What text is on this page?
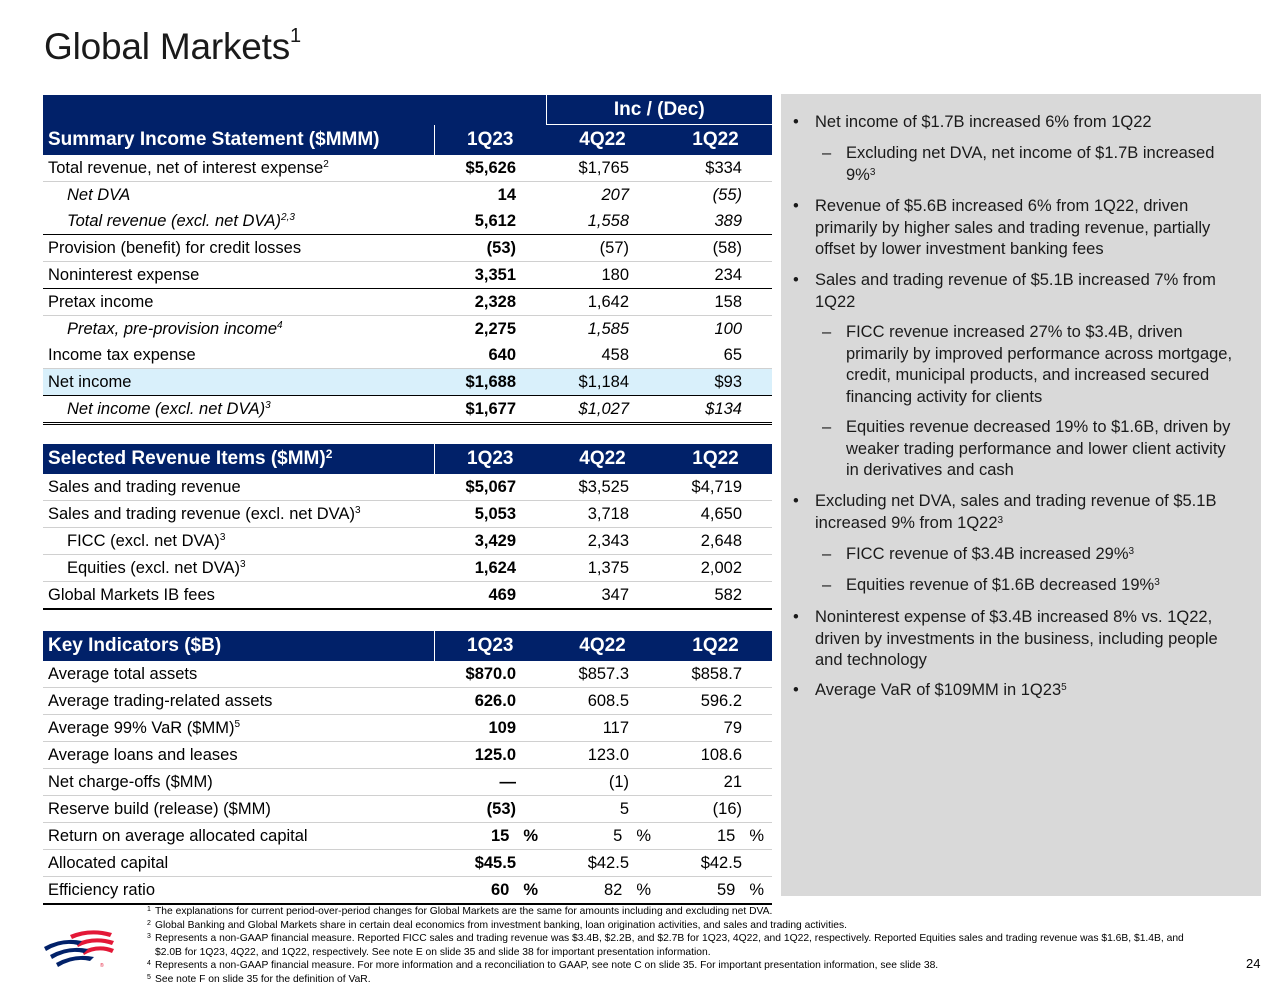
Global Markets$^1$
		Inc / (Dec)	
Summary Income Statement ($MMM)	1Q23	4Q22	1Q22
Total revenue, net of interest expense$^2$	$5,626	$1,765	$334
Net DVA	14	207	(55)
Total revenue (excl. net DVA)$^{2,3}$	5,612	1,558	389
Provision (benefit) for credit losses	(53)	(57)	(58)
Noninterest expense	3,351	180	234
Pretax income	2,328	1,642	158
Pretax, pre-provision income$^4$	2,275	1,585	100
Income tax expense	640	458	65
Net income	$1,688	$1,184	$93
Net income (excl. net DVA)$^3$	$1,677	$1,027	$134
Selected Revenue Items ($MM)$^2$	1Q23	4Q22	1Q22
Sales and trading revenue	$5,067	$3,525	$4,719
Sales and trading revenue (excl. net DVA)$^3$	5,053	3,718	4,650
FICC (excl. net DVA)$^3$	3,429	2,343	2,648
Equities (excl. net DVA)$^3$	1,624	1,375	2,002
Global Markets IB fees	469	347	582
Key Indicators ($B)	1Q23	4Q22	1Q22
Average total assets	$870.0	$857.3	$858.7
Average trading-related assets	626.0	608.5	596.2
Average 99% VaR ($MM)$^5$	109	117	79
Average loans and leases	125.0	123.0	108.6
Net charge-offs ($MM)	—	(1)	21
Reserve build (release) ($MM)	(53)	5	(16)
Return on average allocated capital	15 %	5 %	15 %

Allocated capital	$45.5	$42.5	$42.5
Efficiency ratio	60 %	82 %	59 %
• Net income of $1.7B increased 6% from 1Q22
– Excluding net DVA, net income of $1.7B increased 9%$^3$
• Revenue of $5.6B increased 6% from 1Q22, driven primarily by higher sales and trading revenue, partially offset by lower investment banking fees
• Sales and trading revenue of $5.1B increased 7% from 1Q22
– FICC revenue increased 27% to $3.4B, driven primarily by improved performance across mortgage, credit, municipal products, and increased secured financing activity for clients
– Equities revenue decreased 19% to $1.6B, driven by weaker trading performance and lower client activity in derivatives and cash
• Excluding net DVA, sales and trading revenue of $5.1B increased 9% from $1Q22^3$
– FICC revenue of $3.4B increased 29%$^3$
– Equities revenue of $1.6B decreased 19%$^3$
• Noninterest expense of $3.4B increased 8% vs. 1Q22, driven by investments in the business, including people and technology
• Average VaR of $109MM in $1Q23^5$
1 The explanations for current period-over-period changes for Global Markets are the same for amounts including and excluding net DVA.
2 Global Banking and Global Markets share in certain deal economics from investment banking, loan origination activities, and sales and trading activities.
3 Represents a non-GAAP financial measure. Reported FICC sales and trading revenue was $3.4B, $2.2B, and $2.7B for 1Q23, 4Q22, and 1Q22, respectively. Reported Equities sales and trading revenue was $1.6B, $1.4B, and $2.0B for 1Q23, 4Q22, and 1Q22, respectively. See note E on slide 35 and slide 38 for important presentation information.
4 Represents a non-GAAP financial measure. For more information and a reconciliation to GAAP, see note C on slide 35. For important presentation information, see slide 38.
5 See note F on slide 35 for the definition of VaR.
®	24
